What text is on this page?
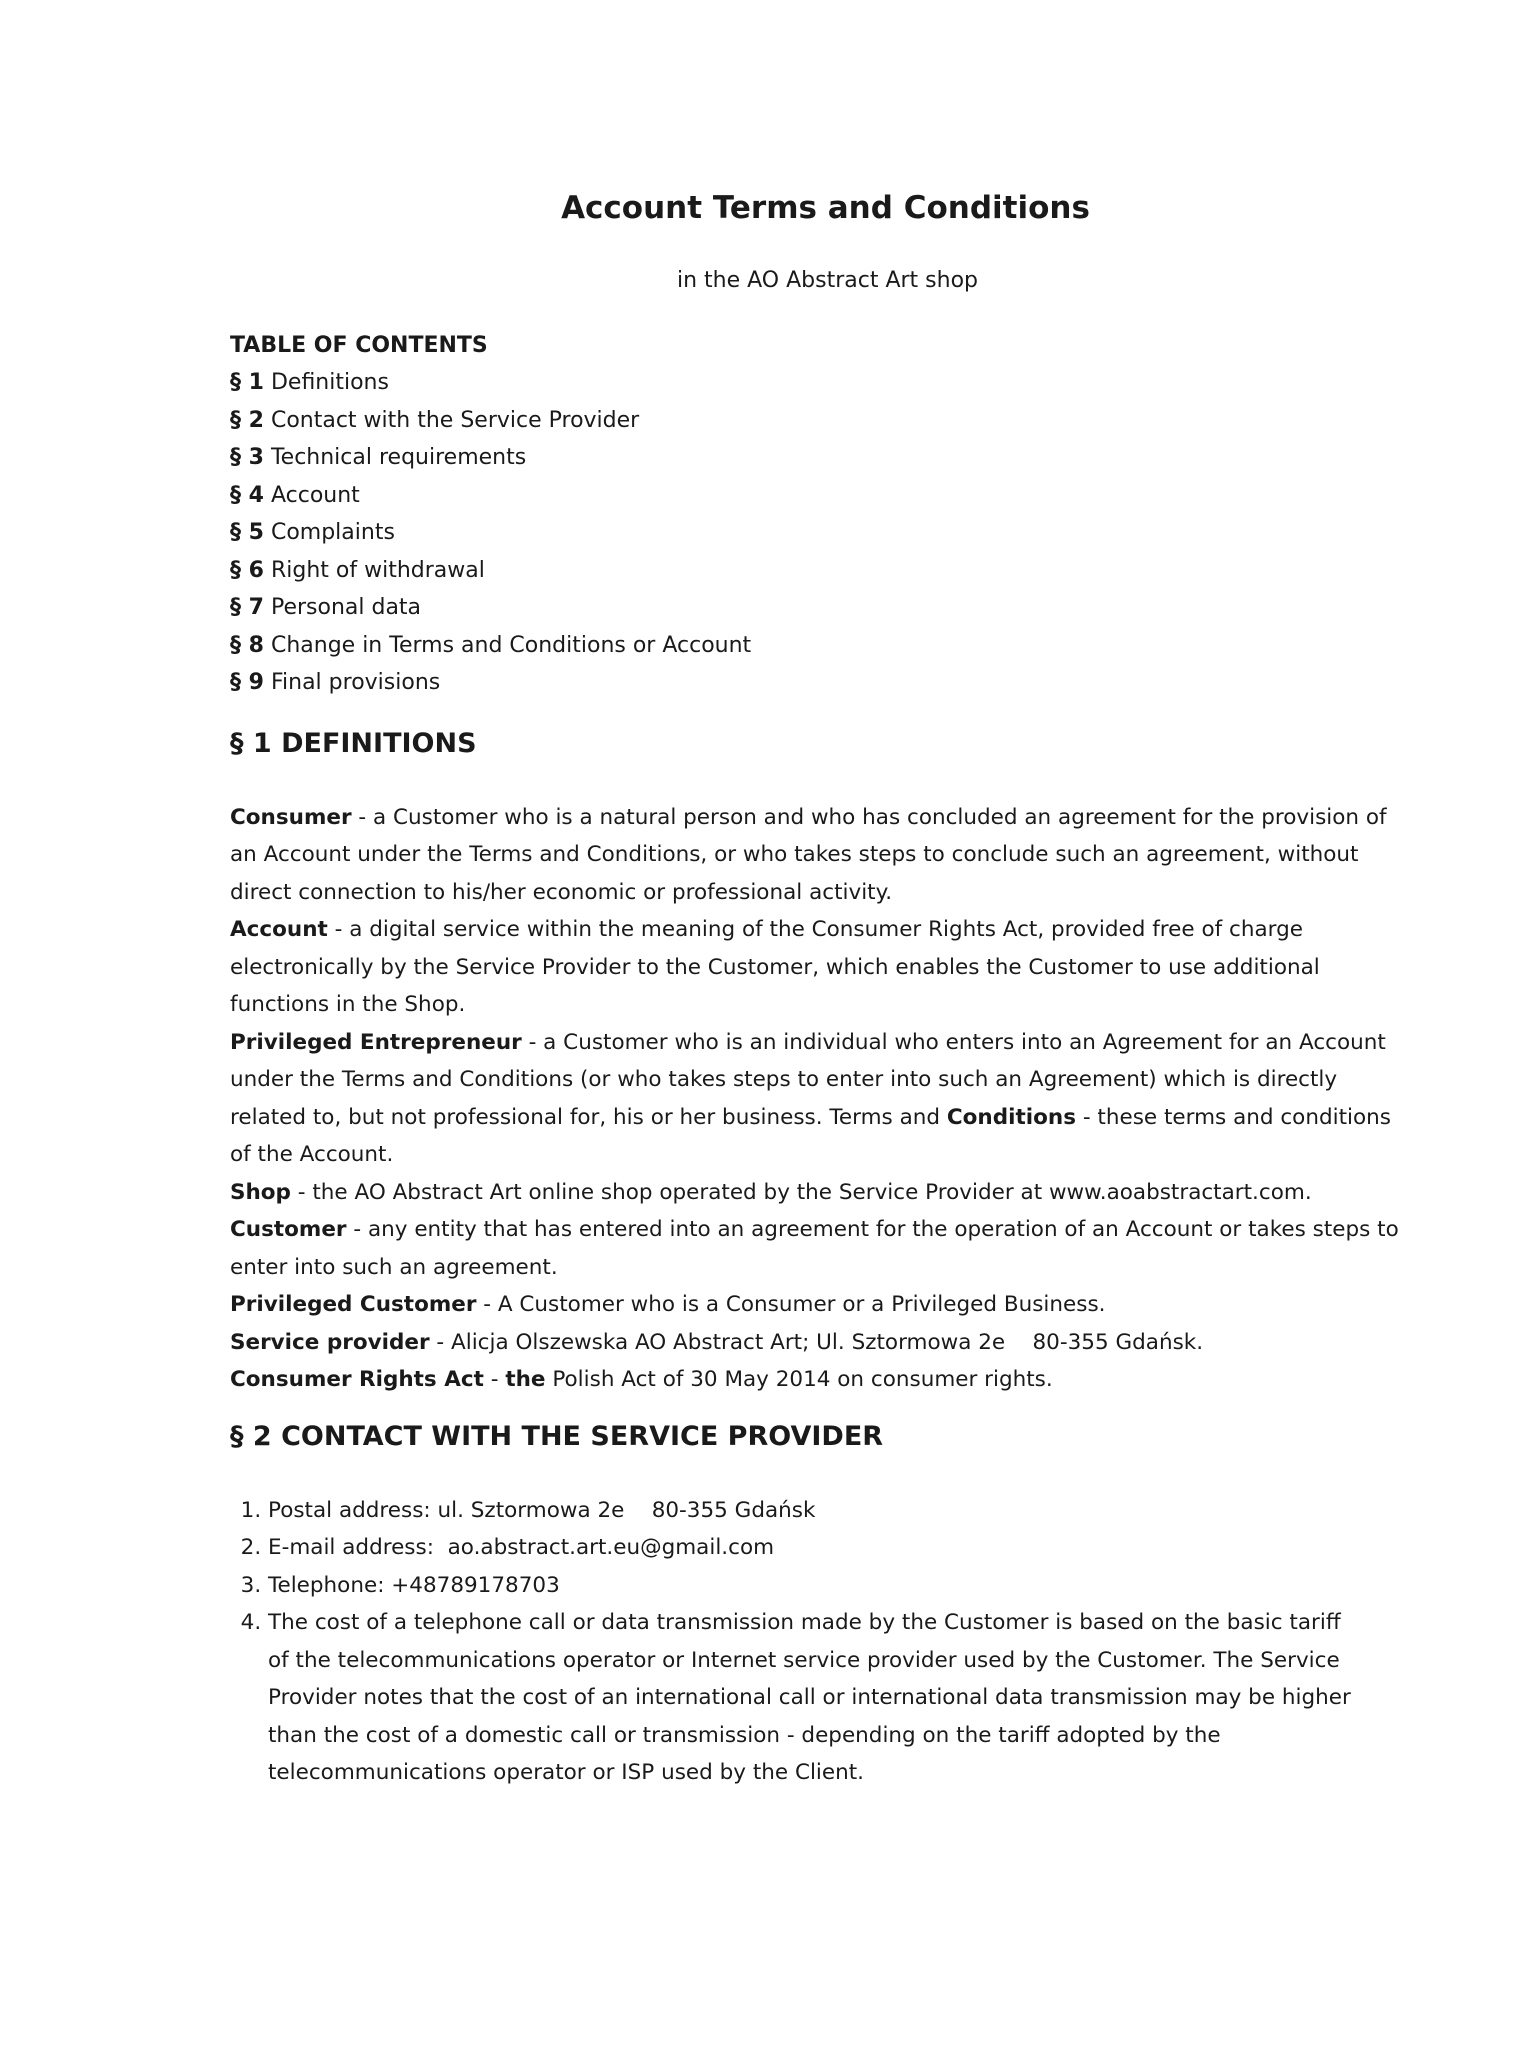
Account Terms and Conditions
in the AO Abstract Art shop
TABLE OF CONTENTS
§ 1 Definitions
§ 2 Contact with the Service Provider
§ 3 Technical requirements
§ 4 Account
§ 5 Complaints
§ 6 Right of withdrawal
§ 7 Personal data
§ 8 Change in Terms and Conditions or Account
§ 9 Final provisions
§ 1 DEFINITIONS

Consumer - a Customer who is a natural person and who has concluded an agreement for the provision of an Account under the Terms and Conditions, or who takes steps to conclude such an agreement, without direct connection to his/her economic or professional activity.

Account - a digital service within the meaning of the Consumer Rights Act, provided free of charge electronically by the Service Provider to the Customer, which enables the Customer to use additional functions in the Shop.

Privileged Entrepreneur - a Customer who is an individual who enters into an Agreement for an Account under the Terms and Conditions (or who takes steps to enter into such an Agreement) which is directly related to, but not professional for, his or her business. Terms and Conditions - these terms and conditions of the Account.

Shop - the AO Abstract Art online shop operated by the Service Provider at www.aoabstractart.com.

Customer - any entity that has entered into an agreement for the operation of an Account or takes steps to enter into such an agreement.

Privileged Customer - A Customer who is a Consumer or a Privileged Business.

Service provider - Alicja Olszewska AO Abstract Art; Ul. Sztormowa 2e    80-355 Gdańsk.

Consumer Rights Act - the Polish Act of 30 May 2014 on consumer rights.

§ 2 CONTACT WITH THE SERVICE PROVIDER
1. Postal address: ul. Sztormowa 2e    80-355 Gdańsk
2. E-mail address:  ao.abstract.art.eu@gmail.com
3. Telephone: +48789178703
4. The cost of a telephone call or data transmission made by the Customer is based on the basic tariff of the telecommunications operator or Internet service provider used by the Customer. The Service Provider notes that the cost of an international call or international data transmission may be higher than the cost of a domestic call or transmission - depending on the tariff adopted by the telecommunications operator or ISP used by the Client.
